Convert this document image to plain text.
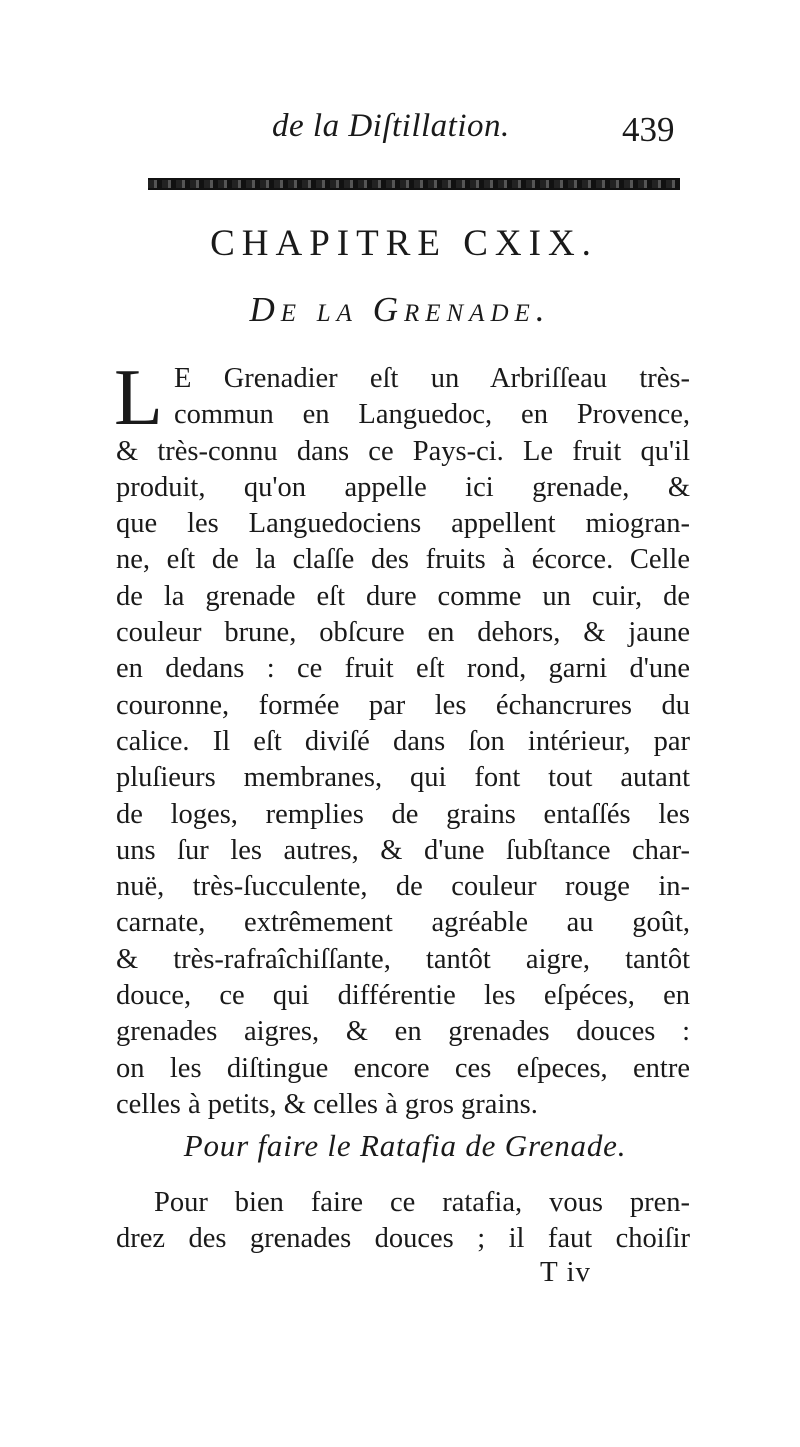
de la Diſtillation.	439
CHAPITRE CXIX.
De la Grenade.
L E Grenadier eſt un Arbriſſeau très-
commun en Languedoc, en Provence,
& très-connu dans ce Pays-ci. Le fruit qu'il
produit, qu'on appelle ici grenade, &
que les Languedociens appellent miogran-
ne, eſt de la claſſe des fruits à écorce. Celle
de la grenade eſt dure comme un cuir, de
couleur brune, obſcure en dehors, & jaune
en dedans : ce fruit eſt rond, garni d'une
couronne, formée par les échancrures du
calice. Il eſt diviſé dans ſon intérieur, par
pluſieurs membranes, qui font tout autant
de loges, remplies de grains entaſſés les
uns ſur les autres, & d'une ſubſtance char-
nuë, très-ſucculente, de couleur rouge in-
carnate, extrêmement agréable au goût,
& très-rafraîchiſſante, tantôt aigre, tantôt
douce, ce qui différentie les eſpéces, en
grenades aigres, & en grenades douces :
on les diſtingue encore ces eſpeces, entre
celles à petits, & celles à gros grains.
Pour faire le Ratafia de Grenade.
Pour bien faire ce ratafia, vous pren-
drez des grenades douces ; il faut choiſir
T iv
